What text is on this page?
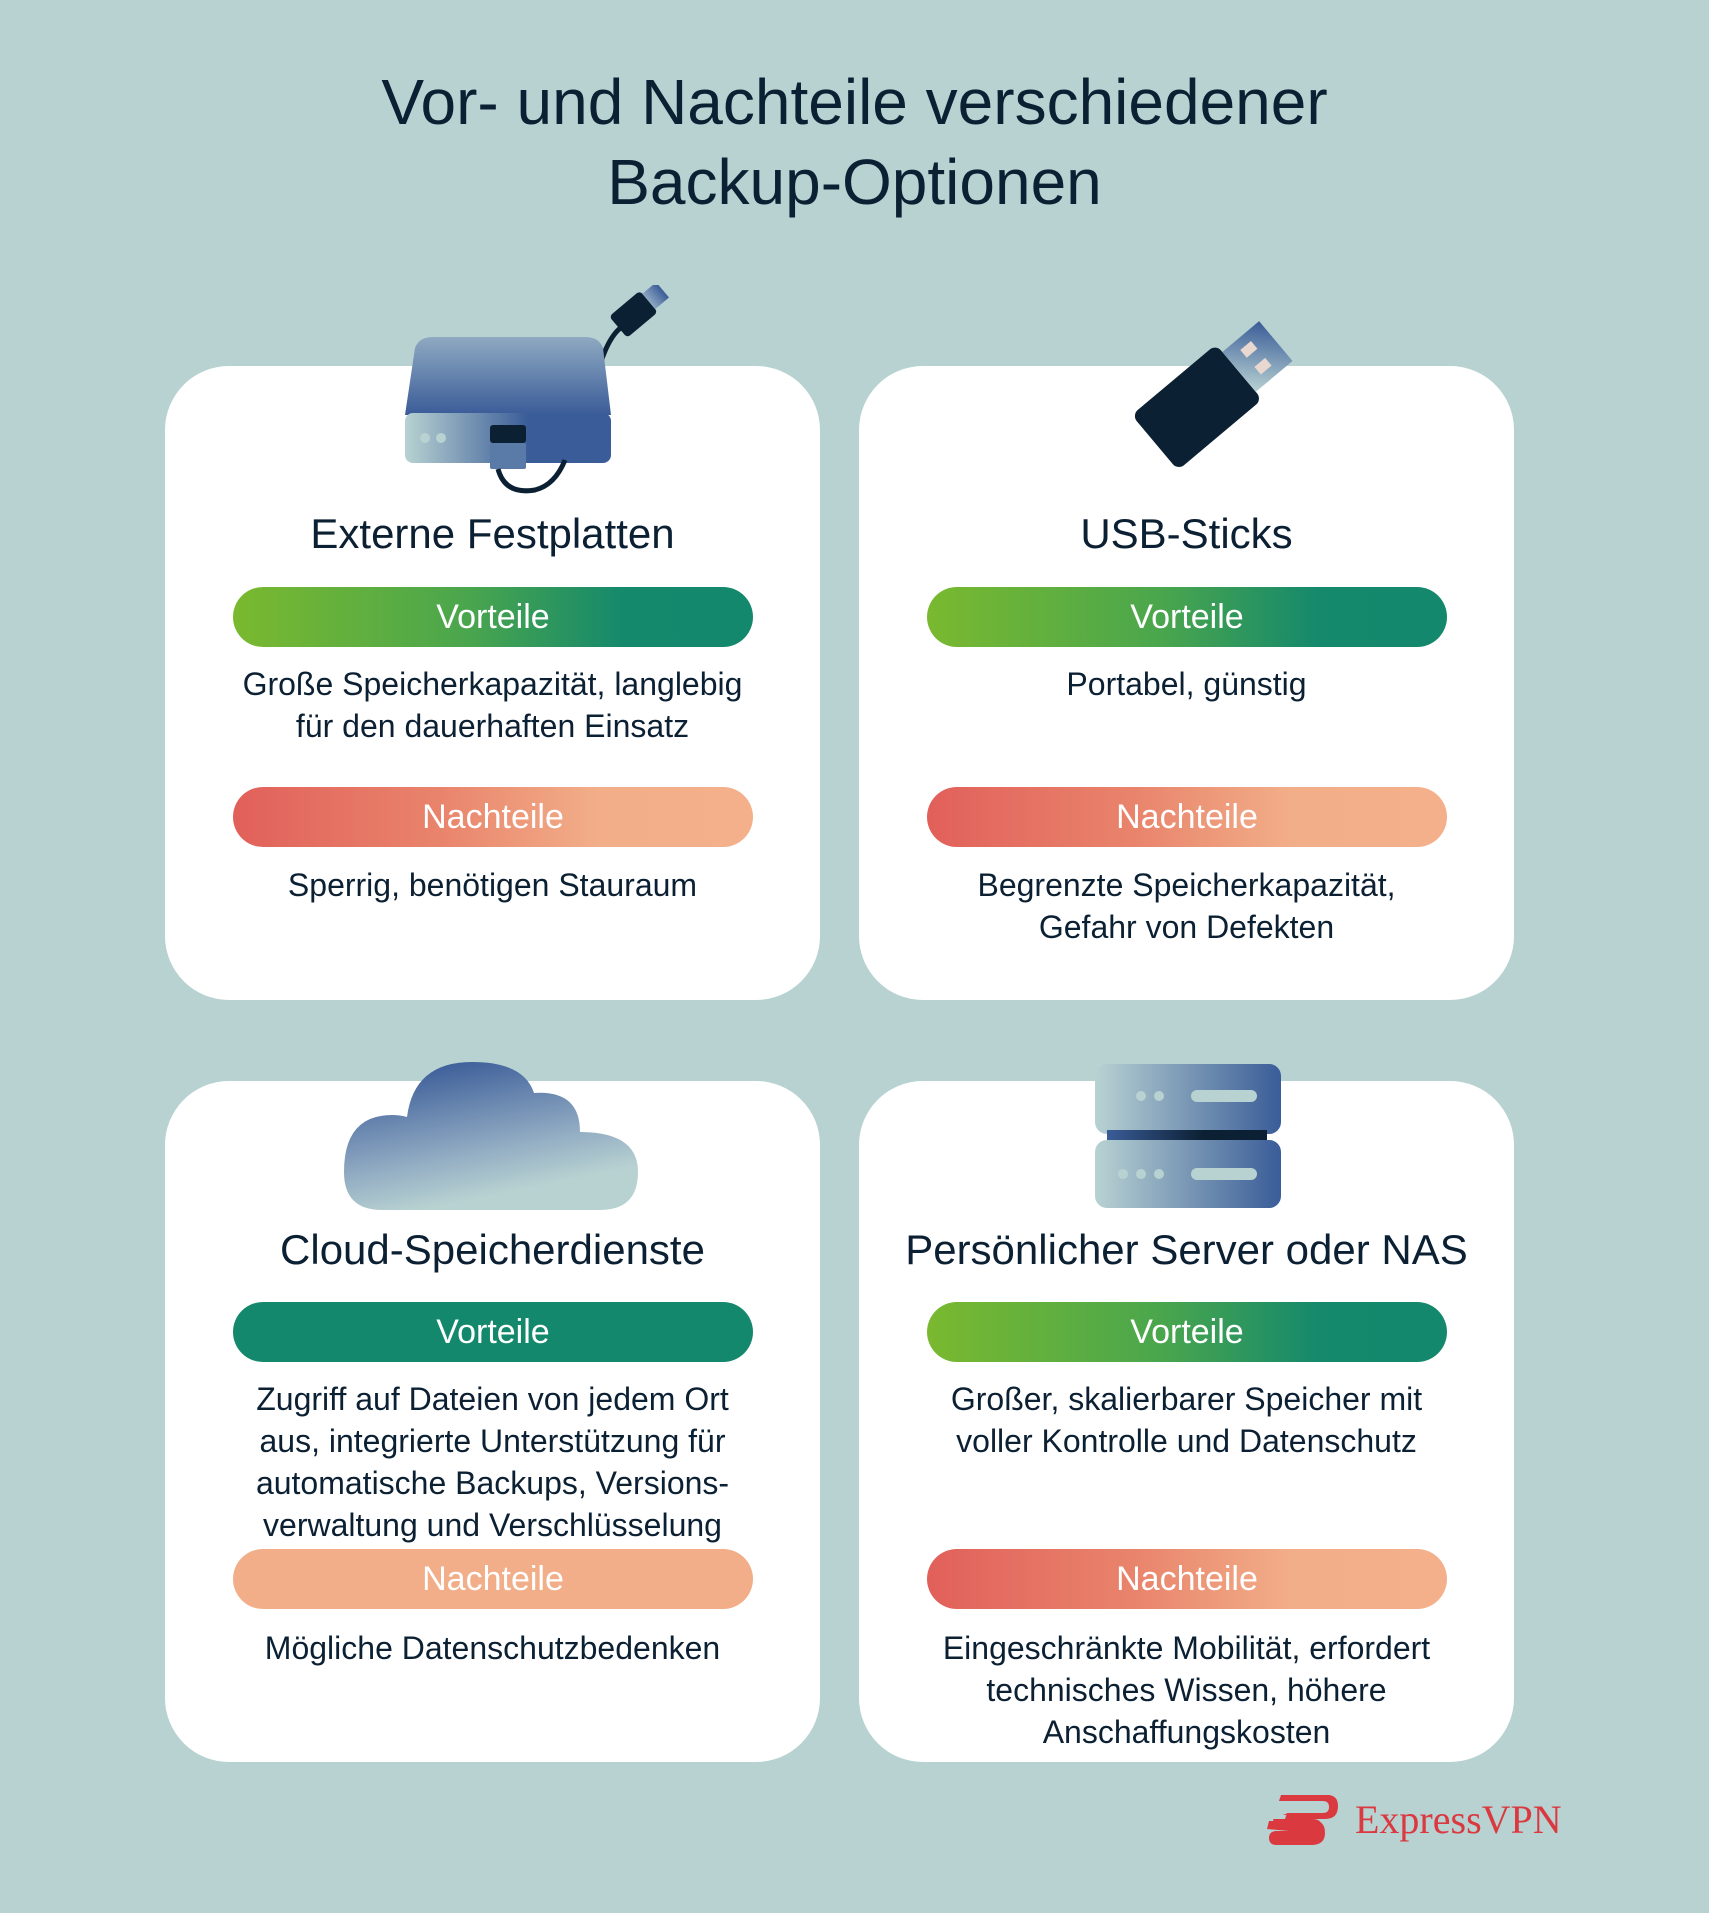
Vor- und Nachteile verschiedener
Backup-Optionen
Externe Festplatten
Vorteile
Große Speicherkapazität, langlebig
für den dauerhaften Einsatz
Nachteile
Sperrig, benötigen Stauraum
USB-Sticks
Vorteile
Portabel, günstig
Nachteile
Begrenzte Speicherkapazität,
Gefahr von Defekten
Cloud-Speicherdienste
Vorteile
Zugriff auf Dateien von jedem Ort
aus, integrierte Unterstützung für
automatische Backups, Versions-
verwaltung und Verschlüsselung
Nachteile
Mögliche Datenschutzbedenken
Persönlicher Server oder NAS
Vorteile
Großer, skalierbarer Speicher mit
voller Kontrolle und Datenschutz
Nachteile
Eingeschränkte Mobilität, erfordert
technisches Wissen, höhere
Anschaffungskosten
ExpressVPN
